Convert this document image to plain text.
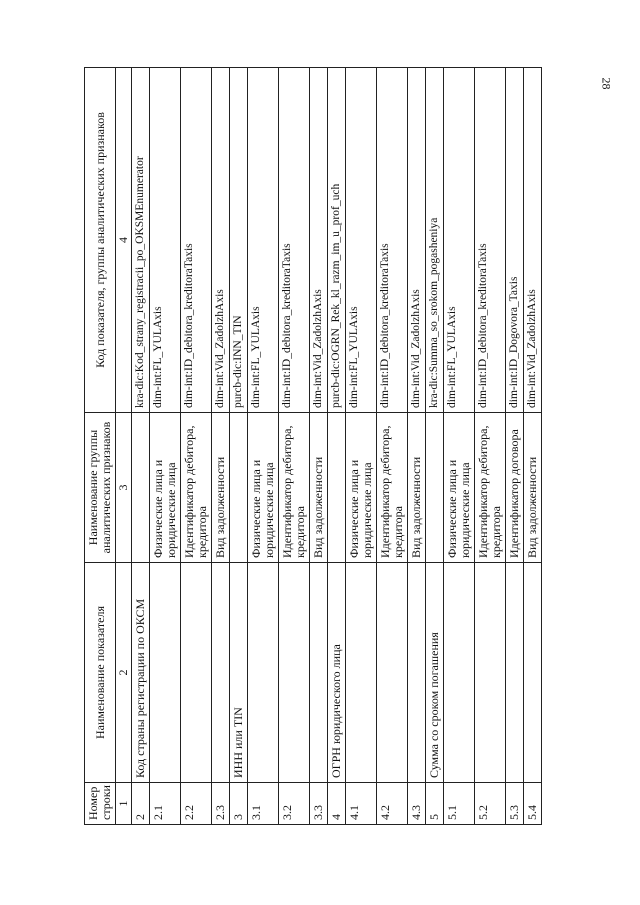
28
Номер строки	Наименование показателя	Наименование группы аналитических признаков	Код показателя, группы аналитических признаков
1	2	3	4
2	Код страны регистрации по ОКСМ		kra-dic:Kod_strany_registracii_po_OKSMEnumerator
2.1		Физические лица и юридические лица	dim-int:FL_YULAxis
2.2		Идентификатор дебитора, кредитора	dim-int:ID_debitora_kreditoraTaxis
2.3		Вид задолженности	dim-int:Vid_ZadolzhAxis
3	ИНН или TIN		purcb-dic:INN_TIN
3.1		Физические лица и юридические лица	dim-int:FL_YULAxis
3.2		Идентификатор дебитора, кредитора	dim-int:ID_debitora_kreditoraTaxis
3.3		Вид задолженности	dim-int:Vid_ZadolzhAxis
4	ОГРН юридического лица		purcb-dic:OGRN_Rek_kl_razm_im_u_prof_uch
4.1		Физические лица и юридические лица	dim-int:FL_YULAxis
4.2		Идентификатор дебитора, кредитора	dim-int:ID_debitora_kreditoraTaxis
4.3		Вид задолженности	dim-int:Vid_ZadolzhAxis
5	Сумма со сроком погашения		kra-dic:Summa_so_srokom_pogasheniya
5.1		Физические лица и юридические лица	dim-int:FL_YULAxis
5.2		Идентификатор дебитора, кредитора	dim-int:ID_debitora_kreditoraTaxis
5.3		Идентификатор договора	dim-int:ID_Dogovora_Taxis
5.4		Вид задолженности	dim-int:Vid_ZadolzhAxis
